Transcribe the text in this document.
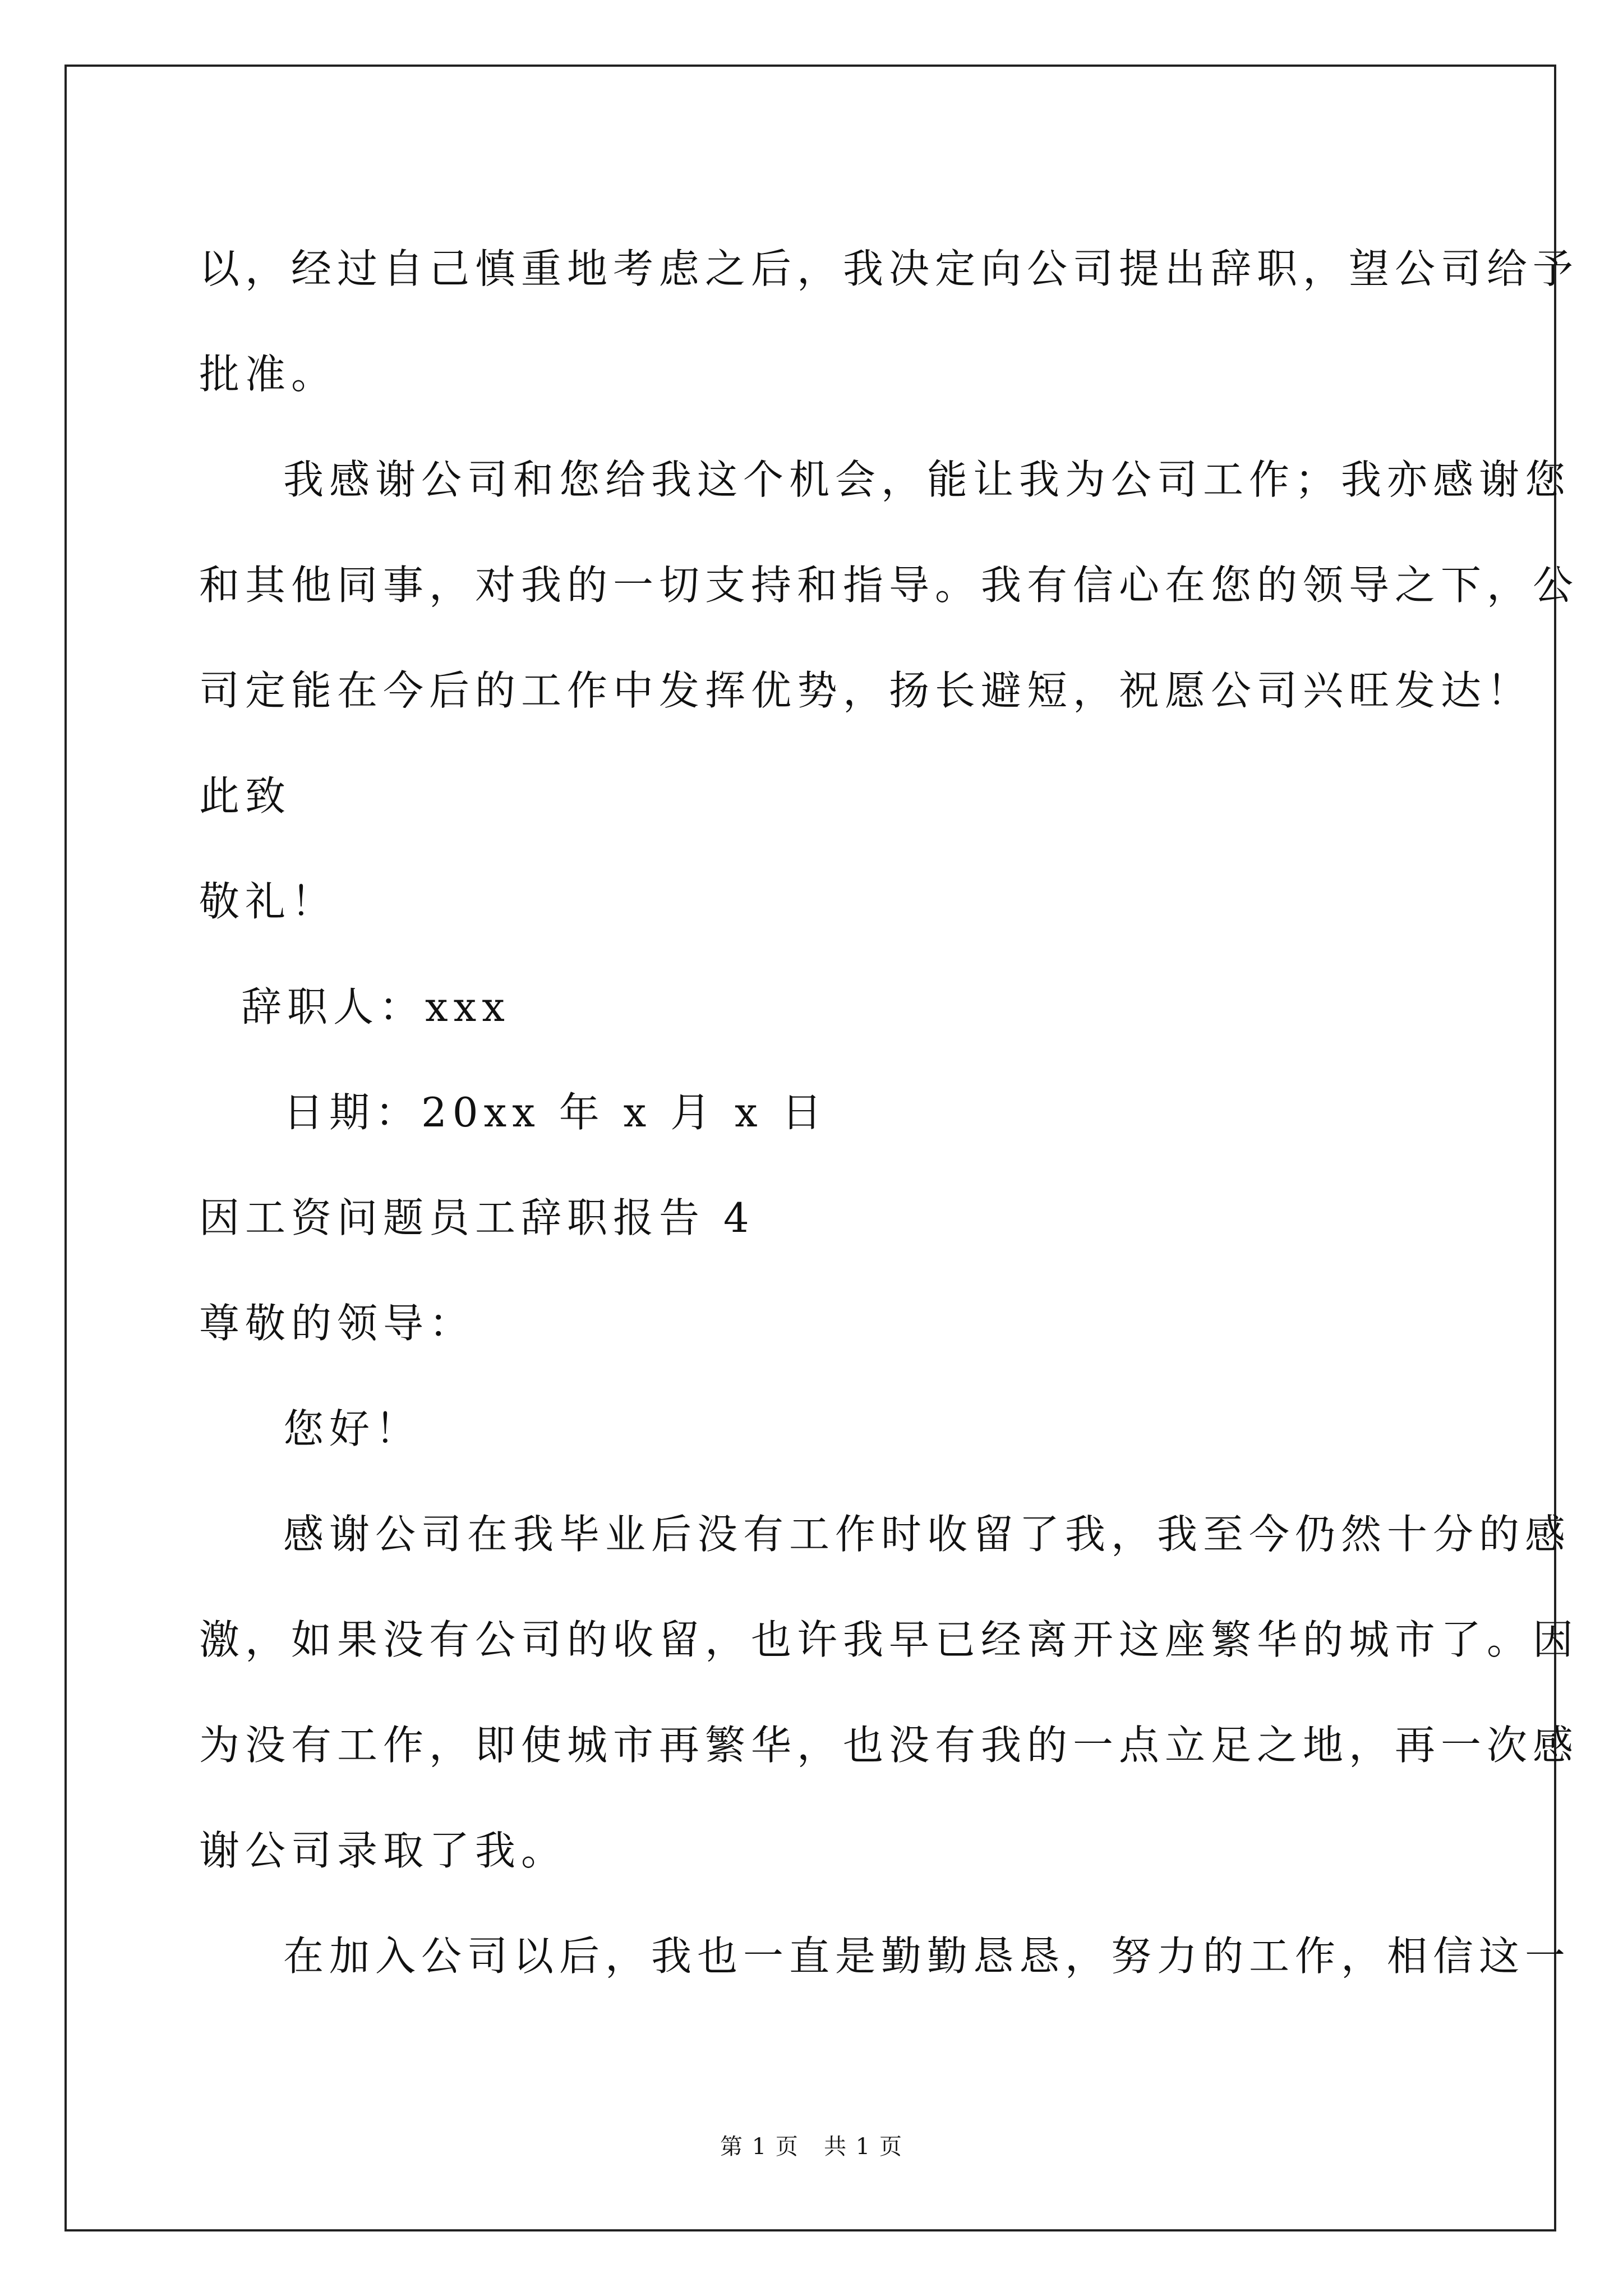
以，经过自己慎重地考虑之后，我决定向公司提出辞职，望公司给予

批准。

我感谢公司和您给我这个机会，能让我为公司工作；我亦感谢您

和其他同事，对我的一切支持和指导。我有信心在您的领导之下，公

司定能在今后的工作中发挥优势，扬长避短，祝愿公司兴旺发达！

此致

敬礼！

辞职人：xxx

日期：20xx 年 x 月 x 日

因工资问题员工辞职报告 4

尊敬的领导：

您好！

感谢公司在我毕业后没有工作时收留了我，我至今仍然十分的感

激，如果没有公司的收留，也许我早已经离开这座繁华的城市了。因

为没有工作，即使城市再繁华，也没有我的一点立足之地，再一次感

谢公司录取了我。

在加入公司以后，我也一直是勤勤恳恳，努力的工作，相信这一

第 1 页   共 1 页
